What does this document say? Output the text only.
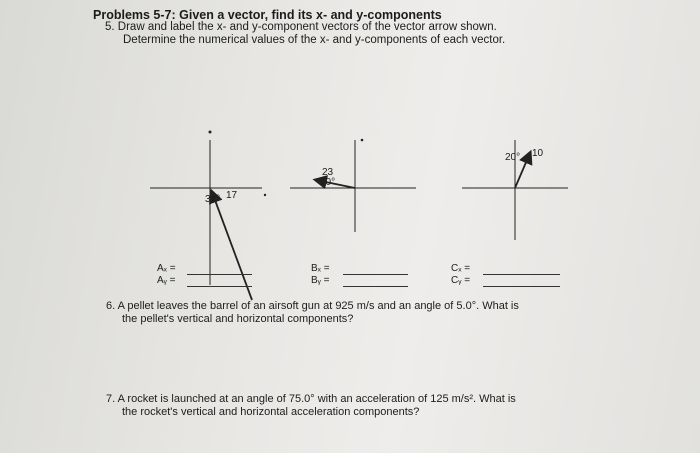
Problems 5-7: Given a vector, find its x- and y-components
5. Draw and label the x- and y-component vectors of the vector arrow shown.
Determine the numerical values of the x- and y-components of each vector.
34° 17
23
10°
20° 10
Aₓ =
Aᵧ =
Bₓ =
Bᵧ =
Cₓ =
Cᵧ =
6. A pellet leaves the barrel of an airsoft gun at 925 m/s and an angle of 5.0°. What is
the pellet's vertical and horizontal components?
7. A rocket is launched at an angle of 75.0° with an acceleration of 125 m/s². What is
the rocket's vertical and horizontal acceleration components?
